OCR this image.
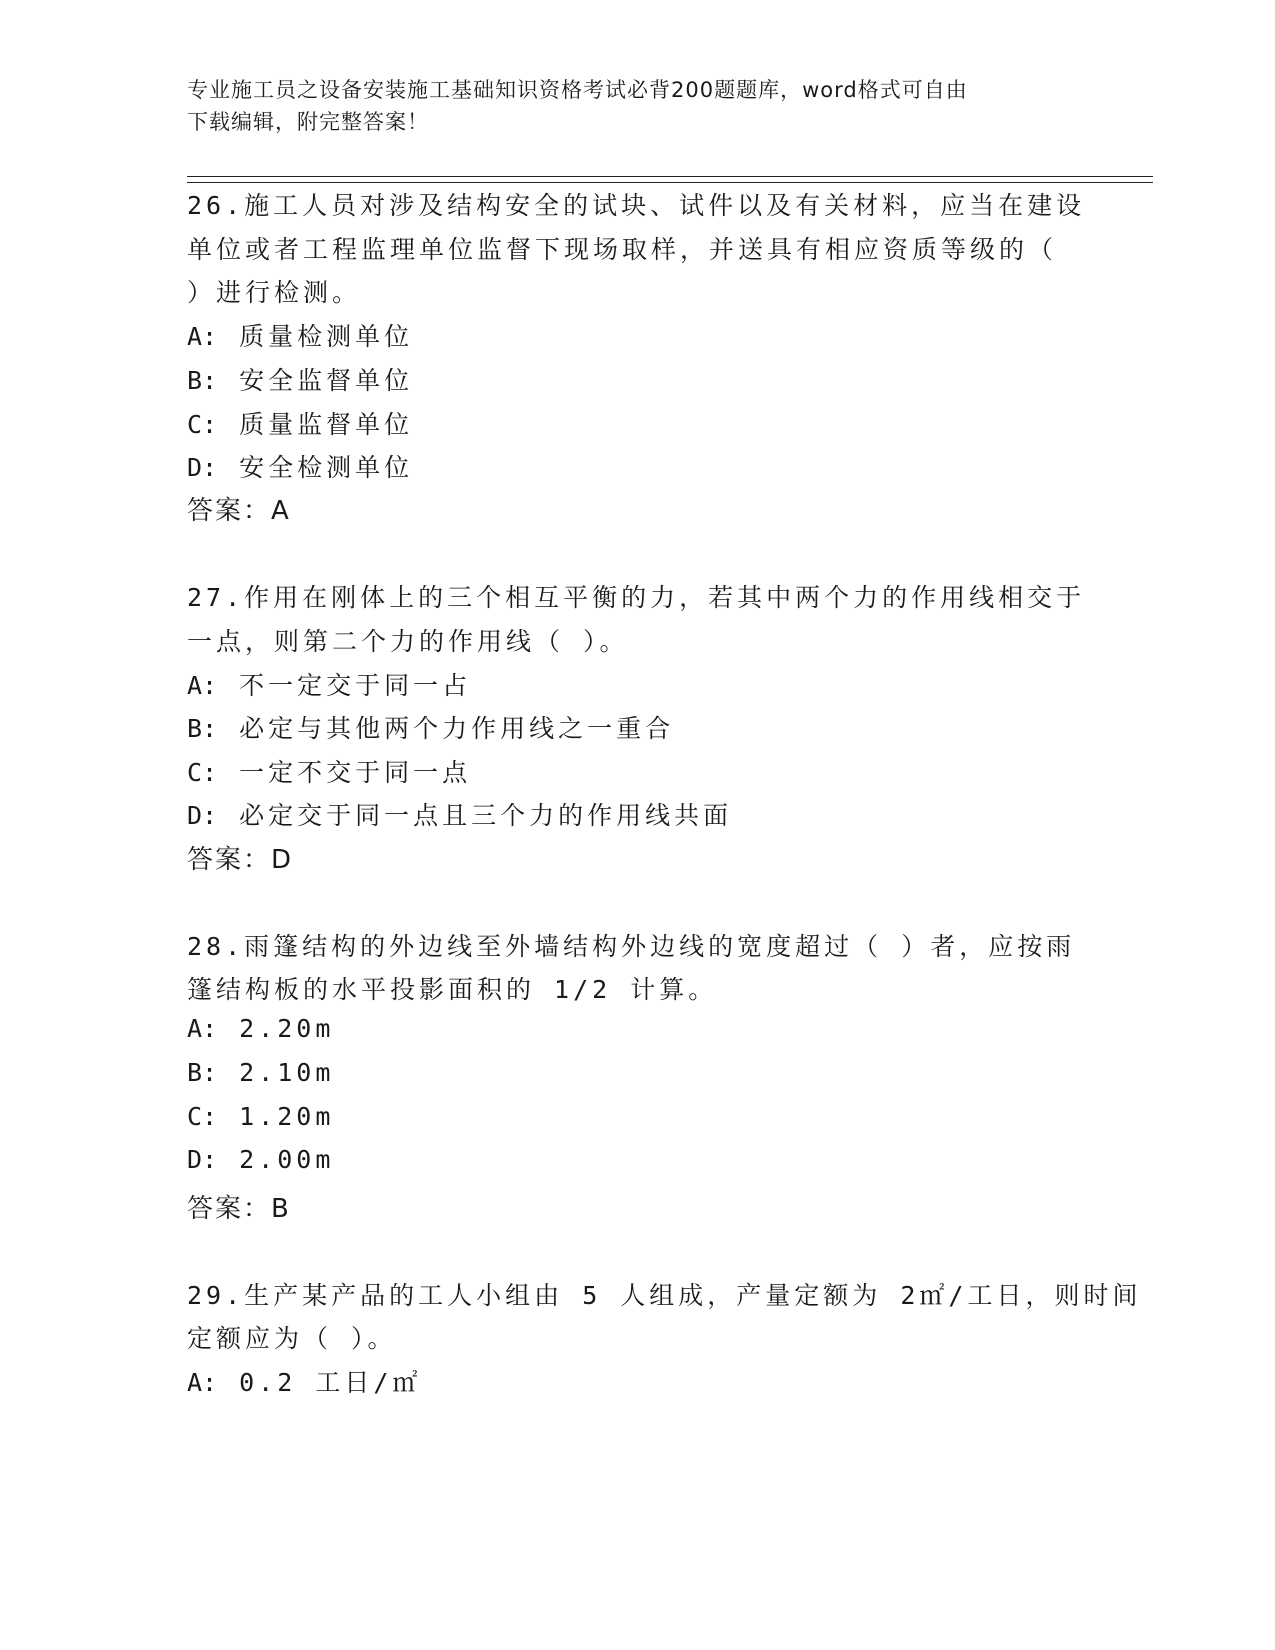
专业施工员之设备安装施工基础知识资格考试必背200题题库，word格式可自由
下载编辑，附完整答案！
26.施工人员对涉及结构安全的试块、试件以及有关材料，应当在建设
单位或者工程监理单位监督下现场取样，并送具有相应资质等级的（
）进行检测。
A: 质量检测单位
B: 安全监督单位
C: 质量监督单位
D: 安全检测单位
答案：A
27.作用在刚体上的三个相互平衡的力，若其中两个力的作用线相交于
一点，则第二个力的作用线（ ）。
A: 不一定交于同一占
B: 必定与其他两个力作用线之一重合
C: 一定不交于同一点
D: 必定交于同一点且三个力的作用线共面
答案：D
28.雨篷结构的外边线至外墙结构外边线的宽度超过（ ）者，应按雨
篷结构板的水平投影面积的 1/2 计算。
A: 2.20m
B: 2.10m
C: 1.20m
D: 2.00m
答案：B
29.生产某产品的工人小组由 5 人组成，产量定额为 2㎡/工日，则时间
定额应为（ ）。
A: 0.2 工日/㎡
